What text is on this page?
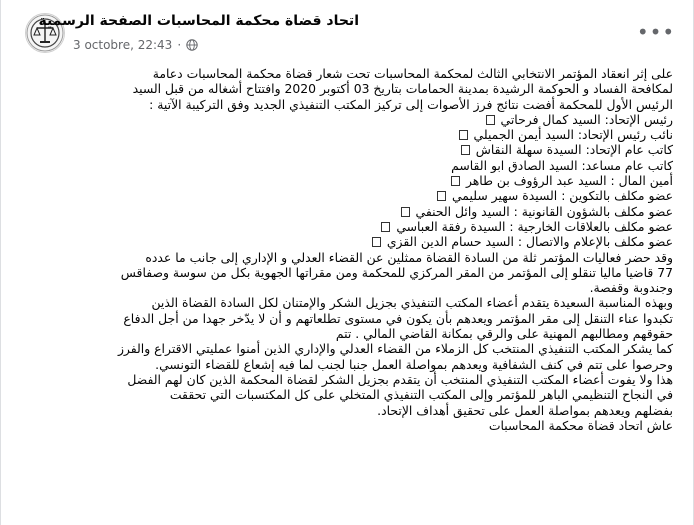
اتحاد قضاة محكمة المحاسبات الصفحة الرسمية
3 octobre, 22:43 ·
•••
على إثر انعقاد المؤتمر الانتخابي الثالث لمحكمة المحاسبات تحت شعار قضاة محكمة المحاسبات دعامة
لمكافحة الفساد و الحوكمة الرشيدة بمدينة الحمامات بتاريخ 03 أكتوبر 2020 وافتتاح أشغاله من قبل السيد
الرئيس الأول للمحكمة أفضت نتائج فرز الأصوات إلى تركيز المكتب التنفيذي الجديد وفق التركيبة الآتية :
رئيس الإتحاد: السيد كمال فرحاتي
نائب رئيس الإتحاد: السيد أيمن الجميلي
كاتب عام الإتحاد: السيدة سهلة النقاش
كاتب عام مساعد: السيد الصادق ابو القاسم
أمين المال : السيد عبد الرؤوف بن طاهر
عضو مكلف بالتكوين : السيدة سهير سليمي
عضو مكلف بالشؤون القانونية : السيد وائل الحنفي
عضو مكلف بالعلاقات الخارجية : السيدة رفقة العباسي
عضو مكلف بالإعلام والاتصال : السيد حسام الدين القزي
وقد حضر فعاليات المؤتمر ثلة من السادة القضاة ممثلين عن القضاء العدلي و الإداري إلى جانب ما عدده
77 قاضيا ماليا تنقلو إلى المؤتمر من المقر المركزي للمحكمة ومن مقراتها الجهوية بكل من سوسة وصفاقس
وجندوبة وقفصة.
وبهذه المناسبة السعيدة يتقدم أعضاء المكتب التنفيذي بجزيل الشكر والإمتنان لكل السادة القضاة الذين
تكبدوا عناء التنقل إلى مقر المؤتمر ويعدهم بأن يكون في مستوى تطلعاتهم و أن لا يدّخر جهدا من أجل الدفاع
حقوقهم ومطالبهم المهنية على والرقي بمكانة القاضي المالي . تتم
كما يشكر المكتب التنفيذي المنتخب كل الزملاء من القضاء العدلي والإداري الذين أمنوا عمليتي الاقتراع والفرز
وحرصوا على تتم في كنف الشفافية ويعدهم بمواصلة العمل جنبا لجنب لما فيه إشعاع للقضاء التونسي.
هذا ولا يفوت أعضاء المكتب التنفيذي المنتخب أن يتقدم بجزيل الشكر لقضاة المحكمة الذين كان لهم الفضل
في النجاح التنظيمي الباهر للمؤتمر وإلى المكتب التنفيذي المتخلي على كل المكتسبات التي تحققت
بفضلهم ويعدهم بمواصلة العمل على تحقيق أهداف الإتحاد.
عاش اتحاد قضاة محكمة المحاسبات
